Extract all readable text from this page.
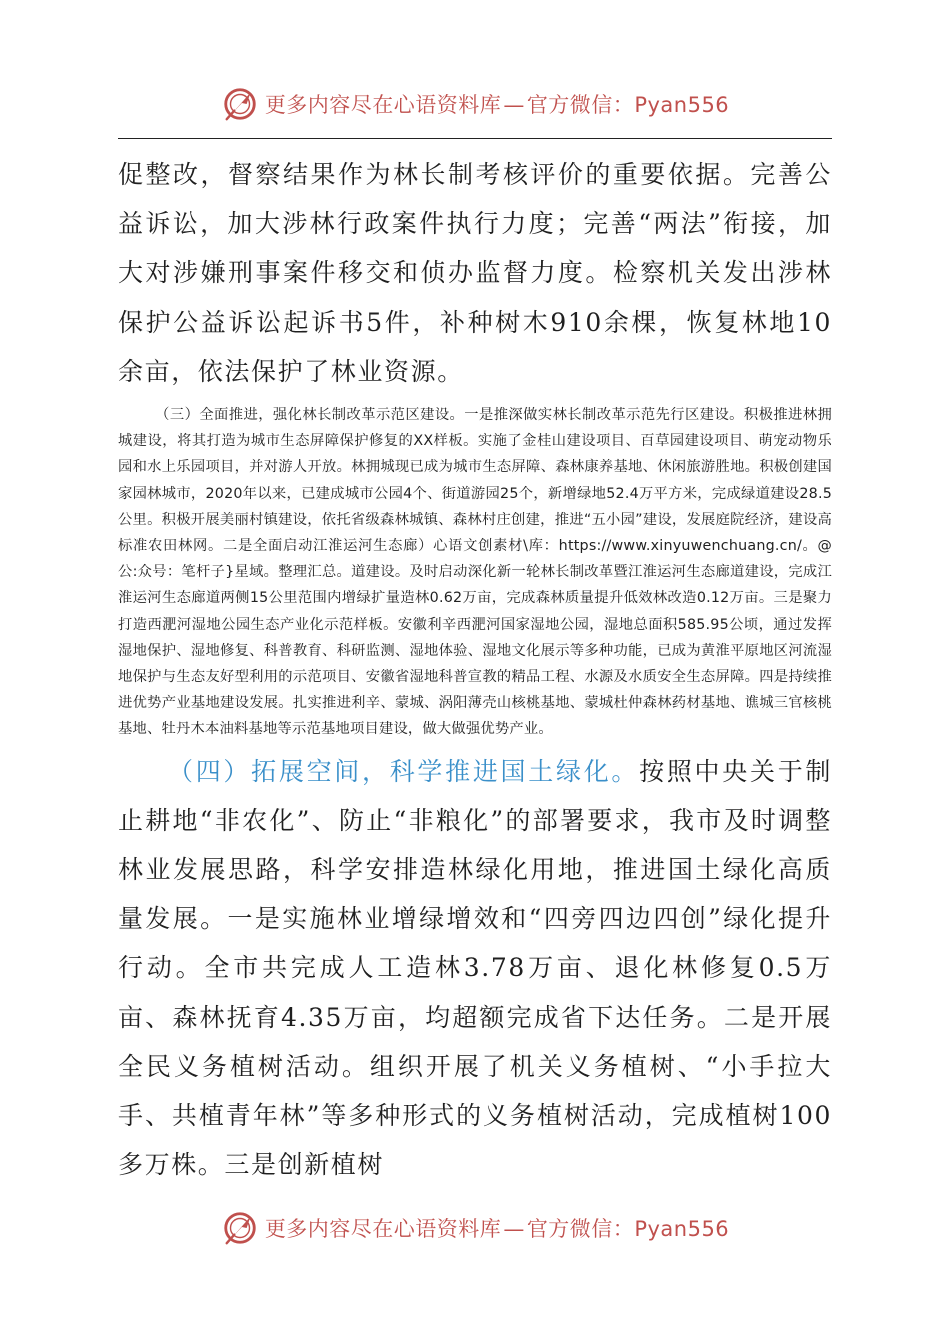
更多内容尽在心语资料库—官方微信：Pyan556

促整改，督察结果作为林长制考核评价的重要依据。完善公益诉讼，加大涉林行政案件执行力度；完善“两法”衔接，加大对涉嫌刑事案件移交和侦办监督力度。检察机关发出涉林保护公益诉讼起诉书5件，补种树木910余棵，恢复林地10余亩，依法保护了林业资源。

（三）全面推进，强化林长制改革示范区建设。一是推深做实林长制改革示范先行区建设。积极推进林拥城建设，将其打造为城市生态屏障保护修复的XX样板。实施了金桂山建设项目、百草园建设项目、萌宠动物乐园和水上乐园项目，并对游人开放。林拥城现已成为城市生态屏障、森林康养基地、休闲旅游胜地。积极创建国家园林城市，2020年以来，已建成城市公园4个、街道游园25个，新增绿地52.4万平方米，完成绿道建设28.5公里。积极开展美丽村镇建设，依托省级森林城镇、森林村庄创建，推进“五小园”建设，发展庭院经济，建设高标准农田林网。二是全面启动江淮运河生态廊）心语文创素材\库：https://www.xinyuwenchuang.cn/。@公:众号：笔杆子}星域。整理汇总。道建设。及时启动深化新一轮林长制改革暨江淮运河生态廊道建设，完成江淮运河生态廊道两侧15公里范围内增绿扩量造林0.62万亩，完成森林质量提升低效林改造0.12万亩。三是聚力打造西淝河湿地公园生态产业化示范样板。安徽利辛西淝河国家湿地公园，湿地总面积585.95公顷，通过发挥湿地保护、湿地修复、科普教育、科研监测、湿地体验、湿地文化展示等多种功能，已成为黄淮平原地区河流湿地保护与生态友好型利用的示范项目、安徽省湿地科普宣教的精品工程、水源及水质安全生态屏障。四是持续推进优势产业基地建设发展。扎实推进利辛、蒙城、涡阳薄壳山核桃基地、蒙城杜仲森林药材基地、谯城三官核桃基地、牡丹木本油料基地等示范基地项目建设，做大做强优势产业。

（四）拓展空间，科学推进国土绿化。按照中央关于制止耕地“非农化”、防止“非粮化”的部署要求，我市及时调整林业发展思路，科学安排造林绿化用地，推进国土绿化高质量发展。一是实施林业增绿增效和“四旁四边四创”绿化提升行动。全市共完成人工造林3.78万亩、退化林修复0.5万亩、森林抚育4.35万亩，均超额完成省下达任务。二是开展全民义务植树活动。组织开展了机关义务植树、“小手拉大手、共植青年林”等多种形式的义务植树活动，完成植树100多万株。三是创新植树

更多内容尽在心语资料库—官方微信：Pyan556
